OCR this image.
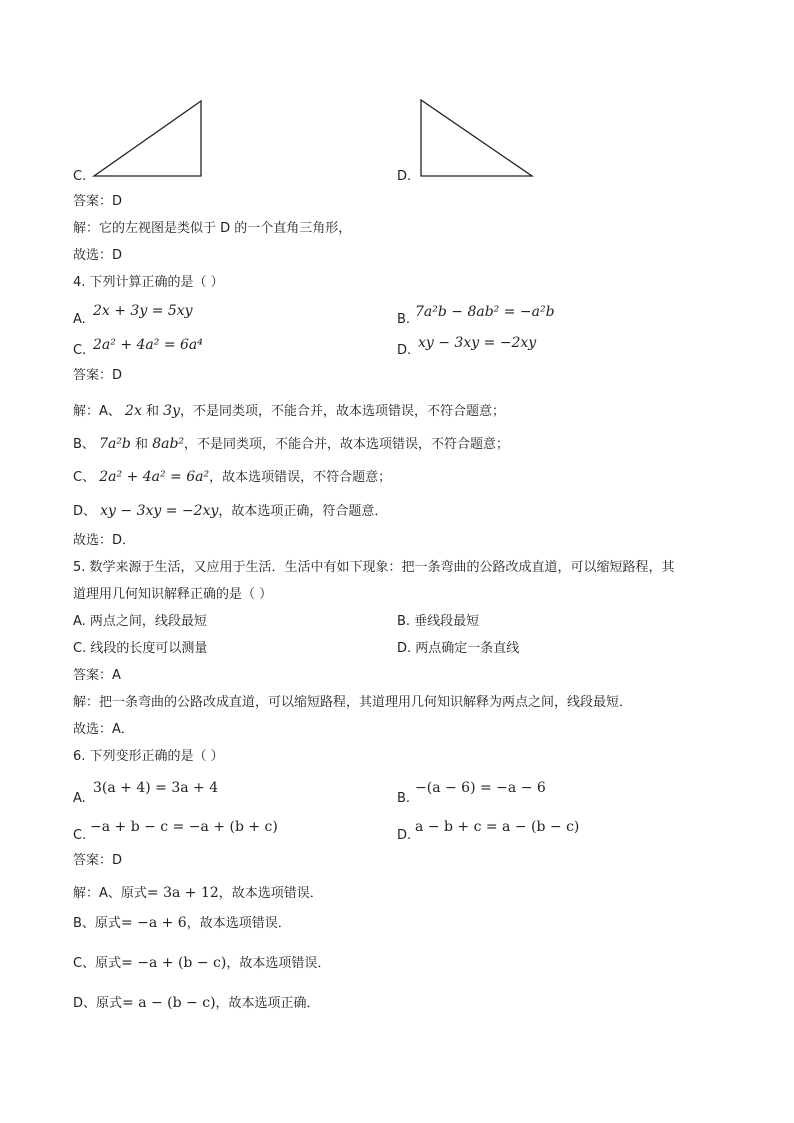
C.	D.
答案：D
解：它的左视图是类似于 D 的一个直角三角形，
故选：D
4. 下列计算正确的是（ ）
A.
2x + 3y = 5xy
B. 7a²b − 8ab² = −a²b
C. 2a² + 4a² = 6a⁴	D. xy − 3xy = −2xy
答案：D
解：A、 2x 和 3y，不是同类项，不能合并，故本选项错误，不符合题意；
B、 7a²b 和 8ab²，不是同类项，不能合并，故本选项错误，不符合题意；
C、 2a² + 4a² = 6a²，故本选项错误，不符合题意；
D、 xy − 3xy = −2xy，故本选项正确，符合题意．
故选：D．
5. 数学来源于生活，又应用于生活．生活中有如下现象：把一条弯曲的公路改成直道，可以缩短路程，其
道理用几何知识解释正确的是（ ）
A. 两点之间，线段最短	B. 垂线段最短
C. 线段的长度可以测量	D. 两点确定一条直线
答案：A
解：把一条弯曲的公路改成直道，可以缩短路程，其道理用几何知识解释为两点之间，线段最短．
故选：A．
6. 下列变形正确的是（ ）
A.
3(a + 4) = 3a + 4
B.
−(a − 6) = −a − 6
C.
−a + b − c = −a + (b + c)
D.
a − b + c = a − (b − c)
答案：D
解：A、原式= 3a + 12，故本选项错误．
B、原式= −a + 6，故本选项错误．
C、原式= −a + (b − c)，故本选项错误．
D、原式= a − (b − c)，故本选项正确．
